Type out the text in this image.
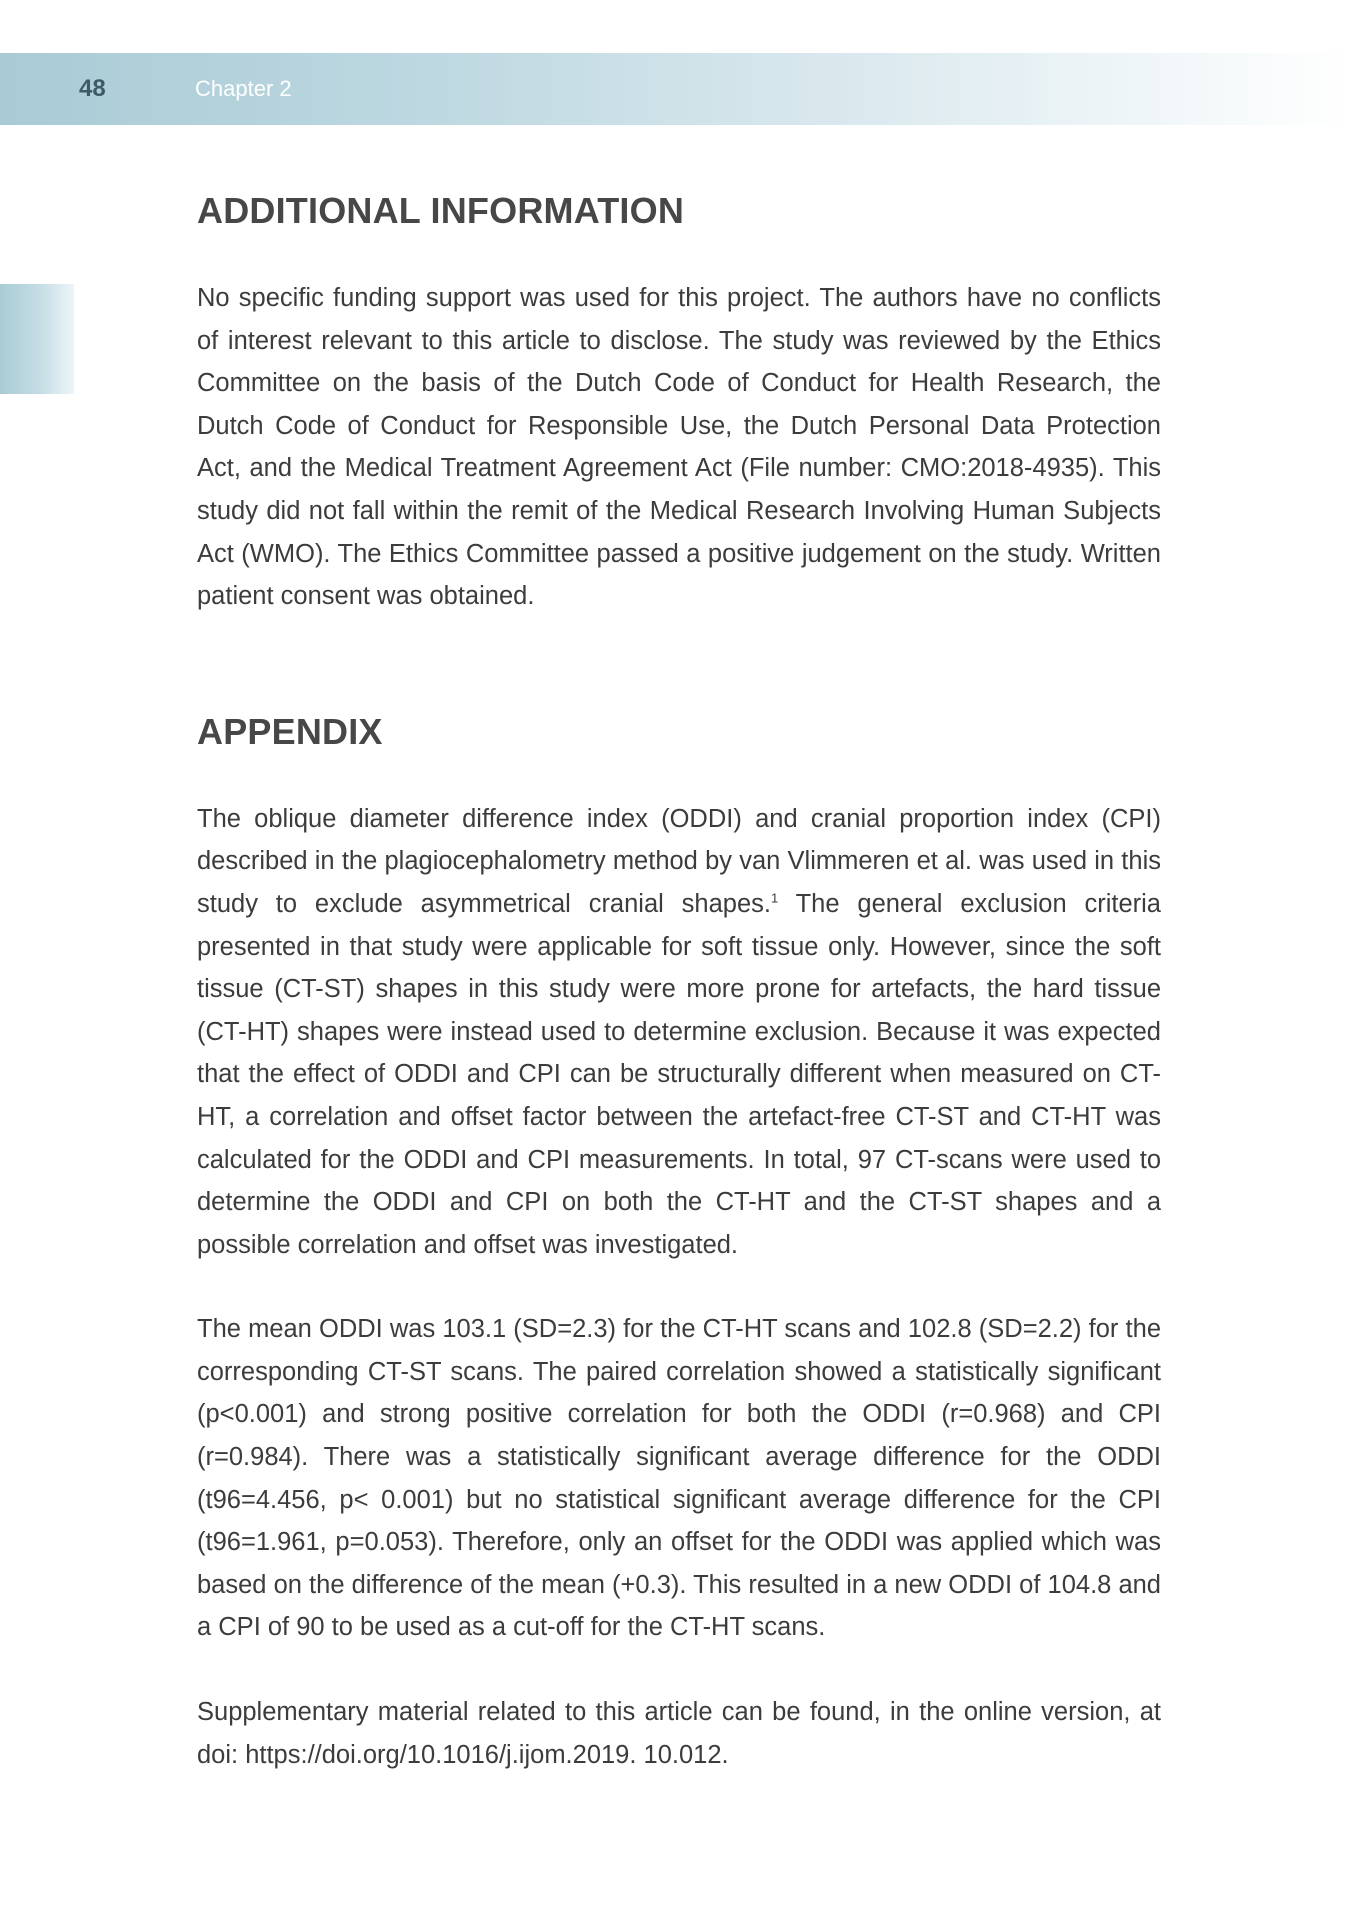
48	Chapter 2
ADDITIONAL INFORMATION

No specific funding support was used for this project. The authors have no conflicts of interest relevant to this article to disclose. The study was reviewed by the Ethics Committee on the basis of the Dutch Code of Conduct for Health Research, the Dutch Code of Conduct for Responsible Use, the Dutch Personal Data Protection Act, and the Medical Treatment Agreement Act (File number: CMO:2018-4935). This study did not fall within the remit of the Medical Research Involving Human Subjects Act (WMO). The Ethics Committee passed a positive judgement on the study. Written patient consent was obtained.

APPENDIX

The oblique diameter difference index (ODDI) and cranial proportion index (CPI) described in the plagiocephalometry method by van Vlimmeren et al. was used in this study to exclude asymmetrical cranial shapes.$^1$ The general exclusion criteria presented in that study were applicable for soft tissue only. However, since the soft tissue (CT-ST) shapes in this study were more prone for artefacts, the hard tissue (CT-HT) shapes were instead used to determine exclusion. Because it was expected that the effect of ODDI and CPI can be structurally different when measured on CT-HT, a correlation and offset factor between the artefact-free CT-ST and CT-HT was calculated for the ODDI and CPI measurements. In total, 97 CT-scans were used to determine the ODDI and CPI on both the CT-HT and the CT-ST shapes and a possible correlation and offset was investigated.

The mean ODDI was 103.1 (SD=2.3) for the CT-HT scans and 102.8 (SD=2.2) for the corresponding CT-ST scans. The paired correlation showed a statistically significant (p<0.001) and strong positive correlation for both the ODDI (r=0.968) and CPI (r=0.984). There was a statistically significant average difference for the ODDI (t96=4.456, p< 0.001) but no statistical significant average difference for the CPI (t96=1.961, p=0.053). Therefore, only an offset for the ODDI was applied which was based on the difference of the mean (+0.3). This resulted in a new ODDI of 104.8 and a CPI of 90 to be used as a cut-off for the CT-HT scans.

Supplementary material related to this article can be found, in the online version, at doi: https://doi.org/10.1016/j.ijom.2019. 10.012.
